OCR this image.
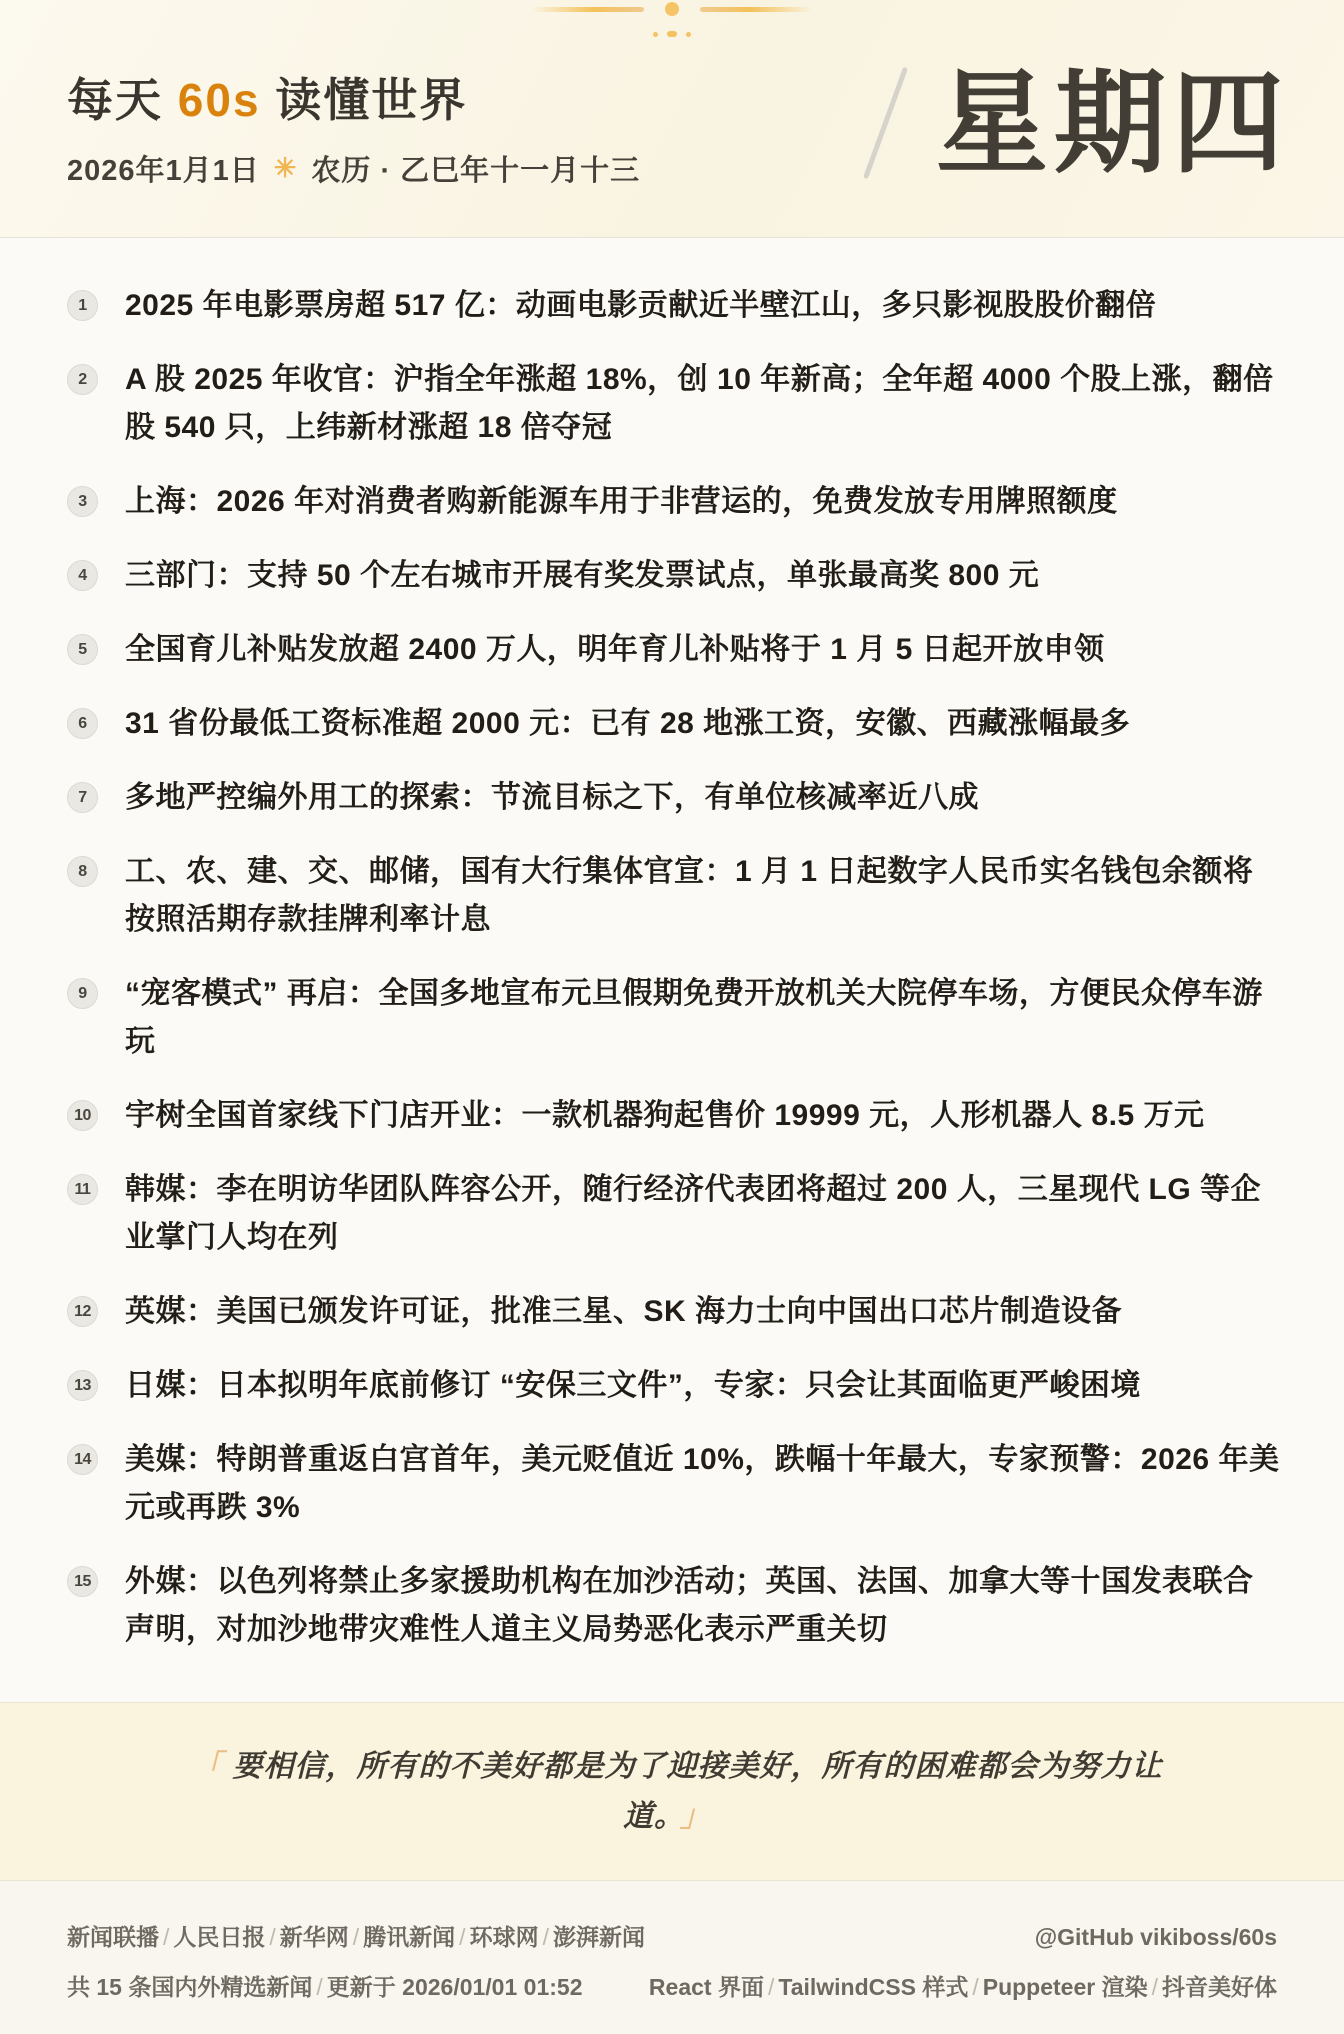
每天 60s 读懂世界
2026年1月1日 ✳ 农历 · 乙巳年十一月十三	星期四
1	2025 年电影票房超 517 亿：动画电影贡献近半壁江山，多只影视股股价翻倍
2	A 股 2025 年收官：沪指全年涨超 18%，创 10 年新高；全年超 4000 个股上涨，翻倍股 540 只，上纬新材涨超 18 倍夺冠
3	上海：2026 年对消费者购新能源车用于非营运的，免费发放专用牌照额度
4	三部门：支持 50 个左右城市开展有奖发票试点，单张最高奖 800 元
5	全国育儿补贴发放超 2400 万人，明年育儿补贴将于 1 月 5 日起开放申领
6	31 省份最低工资标准超 2000 元：已有 28 地涨工资，安徽、西藏涨幅最多
7	多地严控编外用工的探索：节流目标之下，有单位核减率近八成
8	工、农、建、交、邮储，国有大行集体官宣：1 月 1 日起数字人民币实名钱包余额将按照活期存款挂牌利率计息
9	“宠客模式” 再启：全国多地宣布元旦假期免费开放机关大院停车场，方便民众停车游玩
10 宇树全国首家线下门店开业：一款机器狗起售价 19999 元，人形机器人 8.5 万元
11 韩媒：李在明访华团队阵容公开，随行经济代表团将超过 200 人，三星现代 LG 等企业掌门人均在列
12 英媒：美国已颁发许可证，批准三星、SK 海力士向中国出口芯片制造设备
13 日媒：日本拟明年底前修订 “安保三文件”，专家：只会让其面临更严峻困境
14 美媒：特朗普重返白宫首年，美元贬值近 10%，跌幅十年最大，专家预警：2026 年美元或再跌 3%
15 外媒：以色列将禁止多家援助机构在加沙活动；英国、法国、加拿大等十国发表联合声明，对加沙地带灾难性人道主义局势恶化表示严重关切

「 要相信，所有的不美好都是为了迎接美好，所有的困难都会为努力让道。 」

新闻联播 / 人民日报 / 新华网 / 腾讯新闻 / 环球网 / 澎湃新闻	@GitHub vikiboss/60s
共 15 条国内外精选新闻 / 更新于 2026/01/01 01:52	React 界面 / TailwindCSS 样式 / Puppeteer 渲染 / 抖音美好体
